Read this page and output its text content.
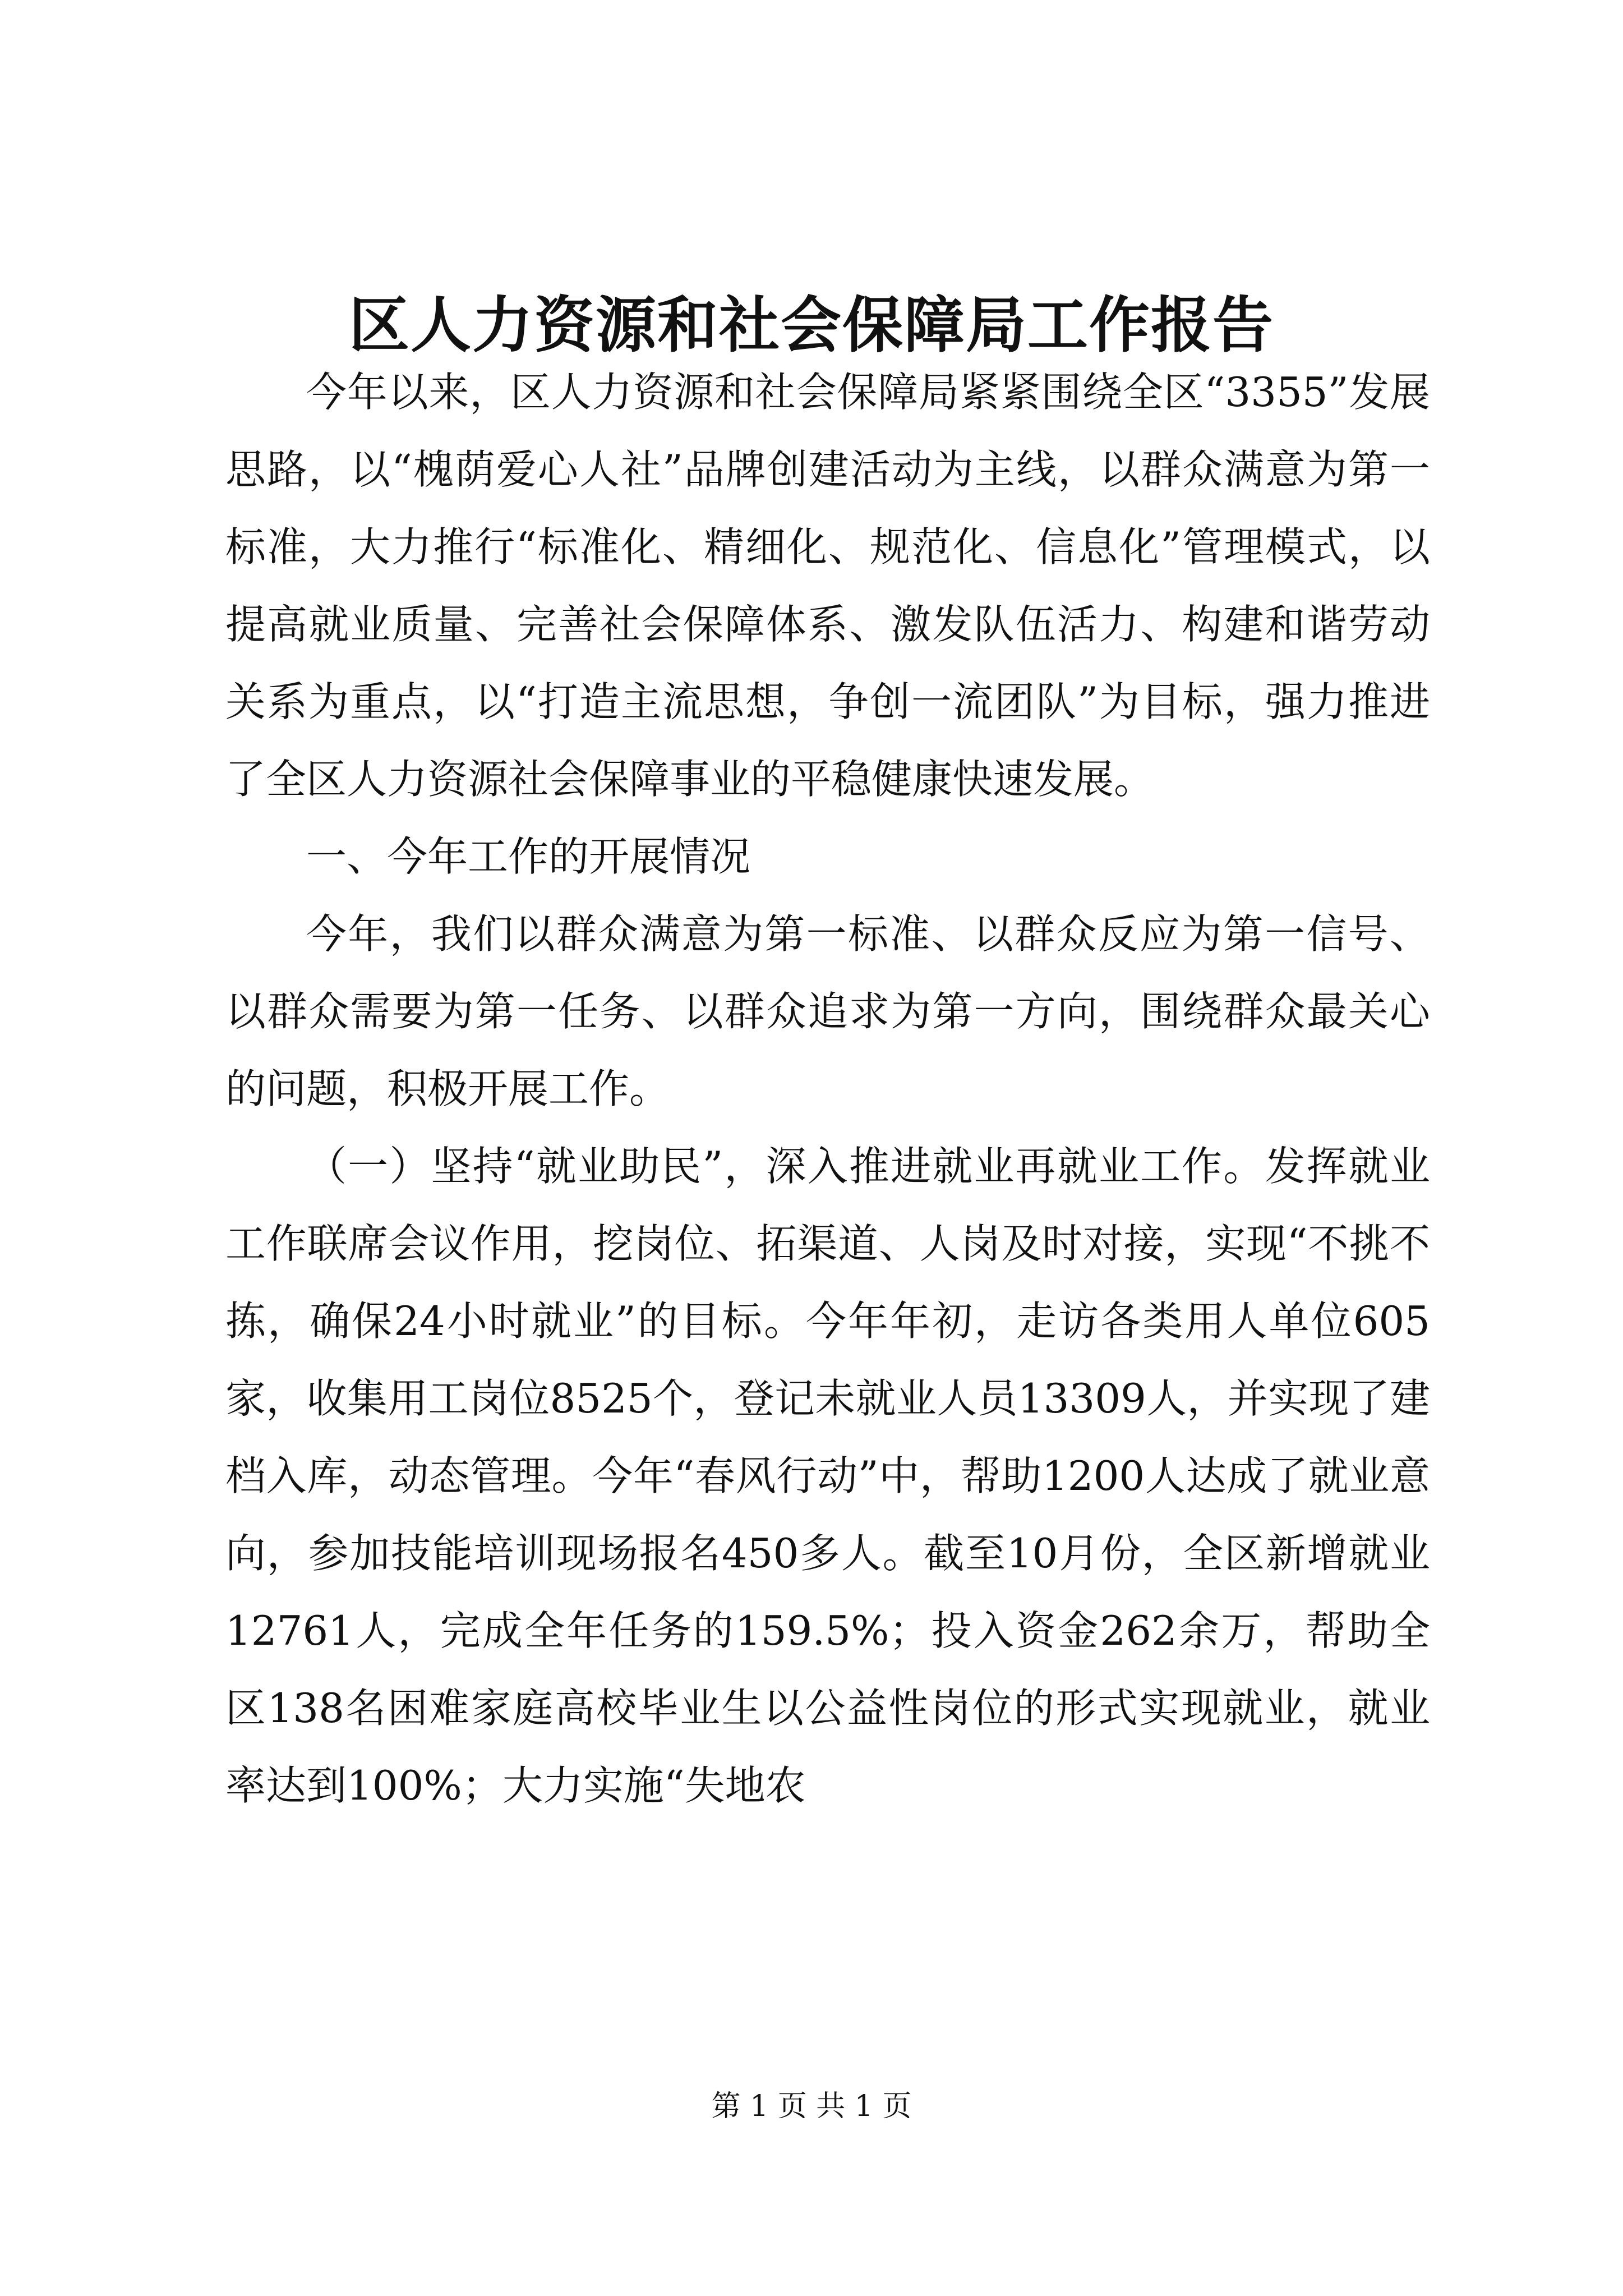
区人力资源和社会保障局工作报告

今年以来，区人力资源和社会保障局紧紧围绕全区“3355”发展思路，以“槐荫爱心人社”品牌创建活动为主线，以群众满意为第一标准，大力推行“标准化、精细化、规范化、信息化”管理模式，以提高就业质量、完善社会保障体系、激发队伍活力、构建和谐劳动关系为重点，以“打造主流思想，争创一流团队”为目标，强力推进了全区人力资源社会保障事业的平稳健康快速发展。

一、今年工作的开展情况

今年，我们以群众满意为第一标准、以群众反应为第一信号、以群众需要为第一任务、以群众追求为第一方向，围绕群众最关心的问题，积极开展工作。

（一）坚持“就业助民”，深入推进就业再就业工作。发挥就业工作联席会议作用，挖岗位、拓渠道、人岗及时对接，实现“不挑不拣，确保24小时就业”的目标。今年年初，走访各类用人单位605家，收集用工岗位8525个，登记未就业人员13309人，并实现了建档入库，动态管理。今年“春风行动”中，帮助1200人达成了就业意向，参加技能培训现场报名450多人。截至10月份，全区新增就业12761人，完成全年任务的159.5%；投入资金262余万，帮助全区138名困难家庭高校毕业生以公益性岗位的形式实现就业，就业率达到100%；大力实施“失地农

第 1 页 共 1 页
